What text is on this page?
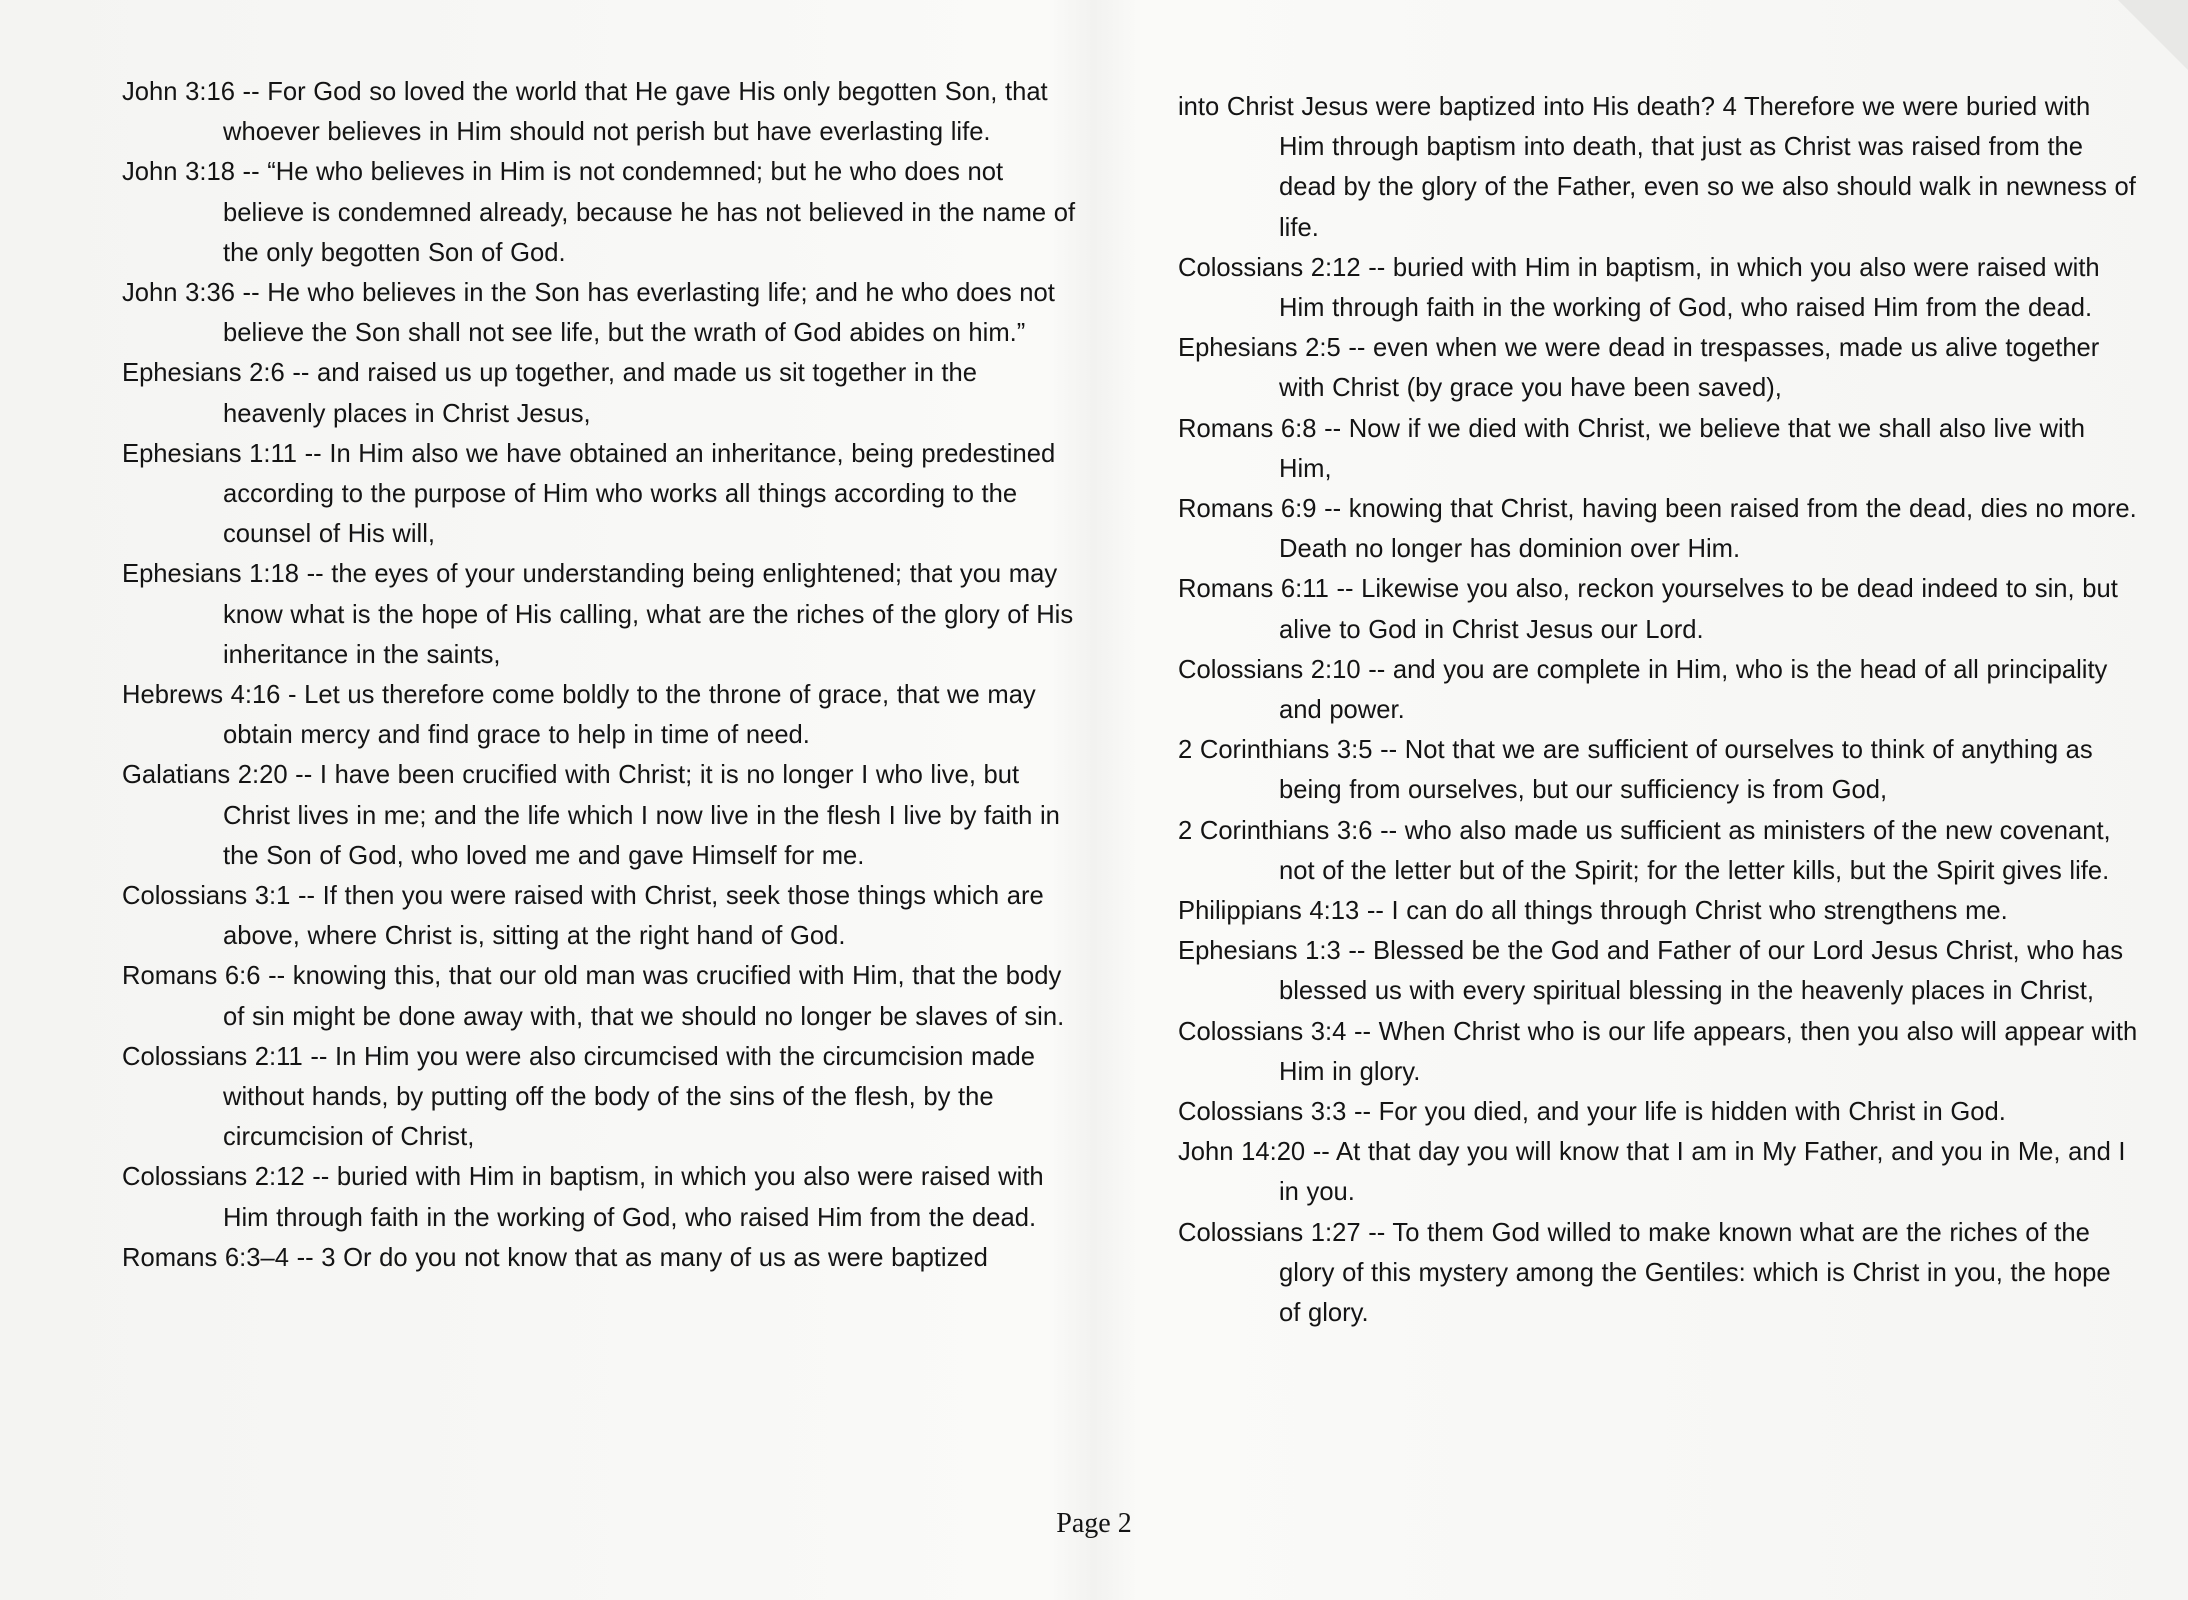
John 3:16 -- For God so loved the world that He gave His only begotten Son, that whoever believes in Him should not perish but have everlasting life.

John 3:18 -- “He who believes in Him is not condemned; but he who does not believe is condemned already, because he has not believed in the name of the only begotten Son of God.

John 3:36 -- He who believes in the Son has everlasting life; and he who does not believe the Son shall not see life, but the wrath of God abides on him.”

Ephesians 2:6 -- and raised us up together, and made us sit together in the heavenly places in Christ Jesus,

Ephesians 1:11 -- In Him also we have obtained an inheritance, being predestined according to the purpose of Him who works all things according to the counsel of His will,

Ephesians 1:18 -- the eyes of your understanding being enlightened; that you may know what is the hope of His calling, what are the riches of the glory of His inheritance in the saints,

Hebrews 4:16 - Let us therefore come boldly to the throne of grace, that we may obtain mercy and find grace to help in time of need.

Galatians 2:20 -- I have been crucified with Christ; it is no longer I who live, but Christ lives in me; and the life which I now live in the flesh I live by faith in the Son of God, who loved me and gave Himself for me.

Colossians 3:1 -- If then you were raised with Christ, seek those things which are above, where Christ is, sitting at the right hand of God.

Romans 6:6 -- knowing this, that our old man was crucified with Him, that the body of sin might be done away with, that we should no longer be slaves of sin.

Colossians 2:11 -- In Him you were also circumcised with the circumcision made without hands, by putting off the body of the sins of the flesh, by the circumcision of Christ,

Colossians 2:12 -- buried with Him in baptism, in which you also were raised with Him through faith in the working of God, who raised Him from the dead.

Romans 6:3–4 -- 3 Or do you not know that as many of us as were baptized

into Christ Jesus were baptized into His death? 4 Therefore we were buried with Him through baptism into death, that just as Christ was raised from the dead by the glory of the Father, even so we also should walk in newness of life.

Colossians 2:12 -- buried with Him in baptism, in which you also were raised with Him through faith in the working of God, who raised Him from the dead.

Ephesians 2:5 -- even when we were dead in trespasses, made us alive together with Christ (by grace you have been saved),

Romans 6:8 -- Now if we died with Christ, we believe that we shall also live with Him,

Romans 6:9 -- knowing that Christ, having been raised from the dead, dies no more. Death no longer has dominion over Him.

Romans 6:11 -- Likewise you also, reckon yourselves to be dead indeed to sin, but alive to God in Christ Jesus our Lord.

Colossians 2:10 -- and you are complete in Him, who is the head of all principality and power.

2 Corinthians 3:5 -- Not that we are sufficient of ourselves to think of anything as being from ourselves, but our sufficiency is from God,

2 Corinthians 3:6 -- who also made us sufficient as ministers of the new covenant, not of the letter but of the Spirit; for the letter kills, but the Spirit gives life.

Philippians 4:13 -- I can do all things through Christ who strengthens me.

Ephesians 1:3 -- Blessed be the God and Father of our Lord Jesus Christ, who has blessed us with every spiritual blessing in the heavenly places in Christ,

Colossians 3:4 -- When Christ who is our life appears, then you also will appear with Him in glory.

Colossians 3:3 -- For you died, and your life is hidden with Christ in God.

John 14:20 -- At that day you will know that I am in My Father, and you in Me, and I in you.

Colossians 1:27 -- To them God willed to make known what are the riches of the glory of this mystery among the Gentiles: which is Christ in you, the hope of glory.

Page 2
